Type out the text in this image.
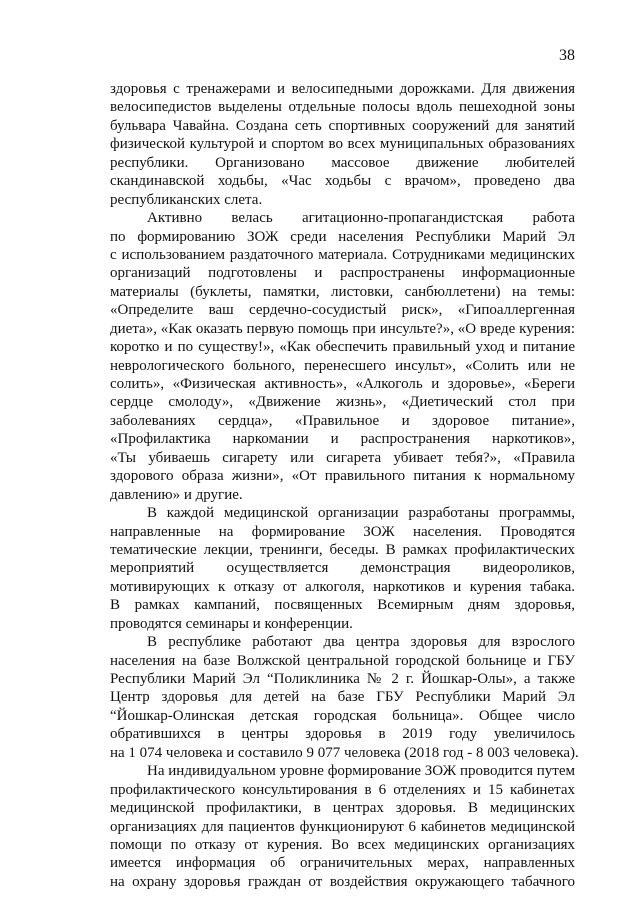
38
здоровья с тренажерами и велосипедными дорожками. Для движения
велосипедистов выделены отдельные полосы вдоль пешеходной зоны
бульвара Чавайна. Создана сеть спортивных сооружений для занятий
физической культурой и спортом во всех муниципальных образованиях
республики. Организовано массовое движение любителей
скандинавской ходьбы, «Час ходьбы с врачом», проведено два
республиканских слета.
Активно велась агитационно-пропагандистская работа
по формированию ЗОЖ среди населения Республики Марий Эл
с использованием раздаточного материала. Сотрудниками медицинских
организаций подготовлены и распространены информационные
материалы (буклеты, памятки, листовки, санбюллетени) на темы:
«Определите ваш сердечно-сосудистый риск», «Гипоаллергенная
диета», «Как оказать первую помощь при инсульте?», «О вреде курения:
коротко и по существу!», «Как обеспечить правильный уход и питание
неврологического больного, перенесшего инсульт», «Солить или не
солить», «Физическая активность», «Алкоголь и здоровье», «Береги
сердце смолоду», «Движение жизнь», «Диетический стол при
заболеваниях сердца», «Правильное и здоровое питание»,
«Профилактика наркомании и распространения наркотиков»,
«Ты убиваешь сигарету или сигарета убивает тебя?», «Правила
здорового образа жизни», «От правильного питания к нормальному
давлению» и другие.
В каждой медицинской организации разработаны программы,
направленные на формирование ЗОЖ населения. Проводятся
тематические лекции, тренинги, беседы. В рамках профилактических
мероприятий осуществляется демонстрация видеороликов,
мотивирующих к отказу от алкоголя, наркотиков и курения табака.
В рамках кампаний, посвященных Всемирным дням здоровья,
проводятся семинары и конференции.
В республике работают два центра здоровья для взрослого
населения на базе Волжской центральной городской больнице и ГБУ
Республики Марий Эл “Поликлиника № 2 г. Йошкар-Олы», а также
Центр здоровья для детей на базе ГБУ Республики Марий Эл
“Йошкар-Олинская детская городская больница». Общее число
обратившихся в центры здоровья в 2019 году увеличилось
на 1 074 человека и составило 9 077 человека (2018 год - 8 003 человека).
На индивидуальном уровне формирование ЗОЖ проводится путем
профилактического консультирования в 6 отделениях и 15 кабинетах
медицинской профилактики, в центрах здоровья. В медицинских
организациях для пациентов функционируют 6 кабинетов медицинской
помощи по отказу от курения. Во всех медицинских организациях
имеется информация об ограничительных мерах, направленных
на охрану здоровья граждан от воздействия окружающего табачного
